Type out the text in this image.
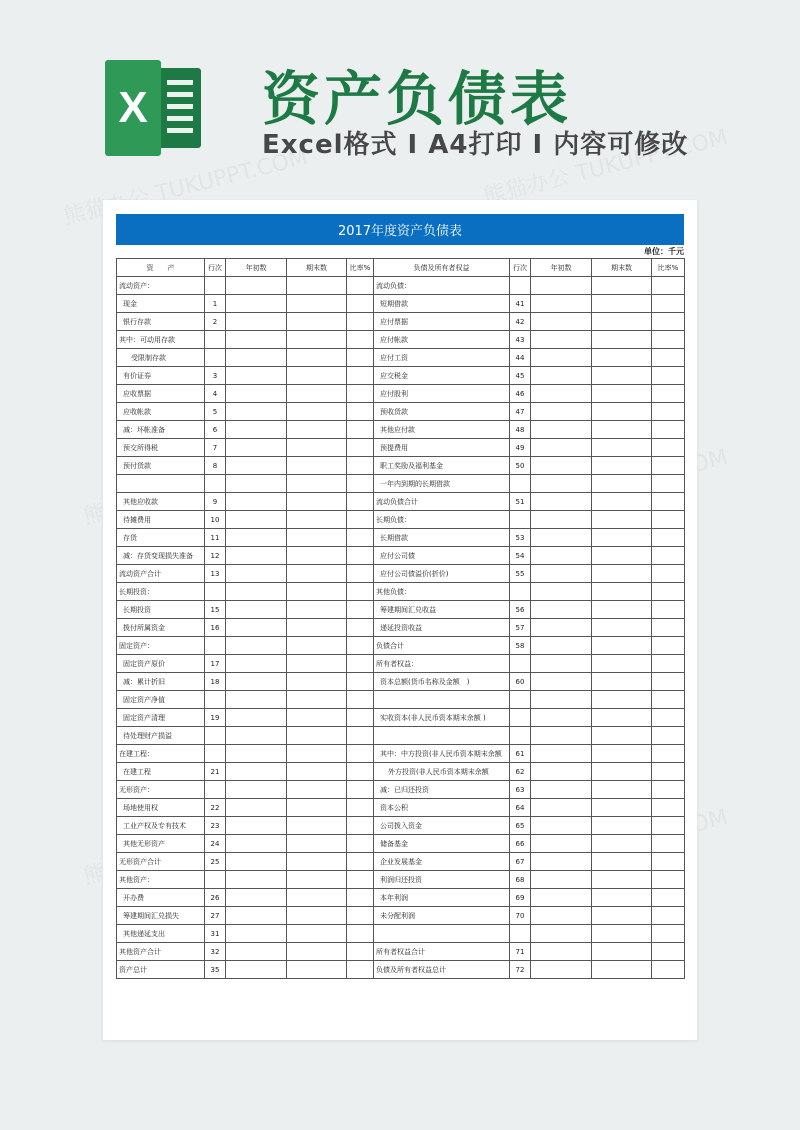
X 资产负债表
Excel格式 I A4打印 I 内容可修改
2017年度资产负债表
单位：千元
资　　产	行次	年初数	期末数	比率%	负债及所有者权益	行次	年初数	期末数	比率%
流动资产：					流动负债：				
现金	1				短期借款	41			
银行存款	2				应付票据	42			
其中：可动用存款					应付帐款	43			
受限制存款					应付工资	44			
有价证券	3				应交税金	45			
应收票据	4				应付股利	46			
应收帐款	5				预收货款	47			
减：坏帐准备	6				其他应付款	48			
预交所得税	7				预提费用	49			
预付货款	8				职工奖励及福利基金	50			
					一年内到期的长期借款				
其他应收款	9				流动负债合计	51			
待摊费用	10				长期负债：				
存货	11				长期借款	53			
减：存货变现损失准备	12				应付公司债	54			
流动资产合计	13				应付公司债溢价(折价)	55			
长期投资：					其他负债：				
长期投资	15				筹建期间汇兑收益	56			
拨付所属资金	16				递延投资收益	57			
固定资产：					负债合计	58			
固定资产原价	17				所有者权益：				
减：累计折旧	18				资本总额(货币名称及金额　)	60			
固定资产净值									
固定资产清理	19				实收资本(非人民币资本期末余额 )				
待处理财产损溢									
在建工程：					其中：中方投资(非人民币资本期末余额	61			
在建工程	21				外方投资(非人民币资本期末余额	62			
无形资产：					减：已归还投资	63			
场地使用权	22				资本公积	64			
工业产权及专有技术	23				公司拨入资金	65			
其他无形资产	24				储备基金	66			
无形资产合计	25				企业发展基金	67			
其他资产：					利润归还投资	68			
开办费	26				本年利润	69			
筹建期间汇兑损失	27				未分配利润	70			
其他递延支出	31								
其他资产合计	32				所有者权益合计	71			
资产总计	35				负债及所有者权益总计	72			
